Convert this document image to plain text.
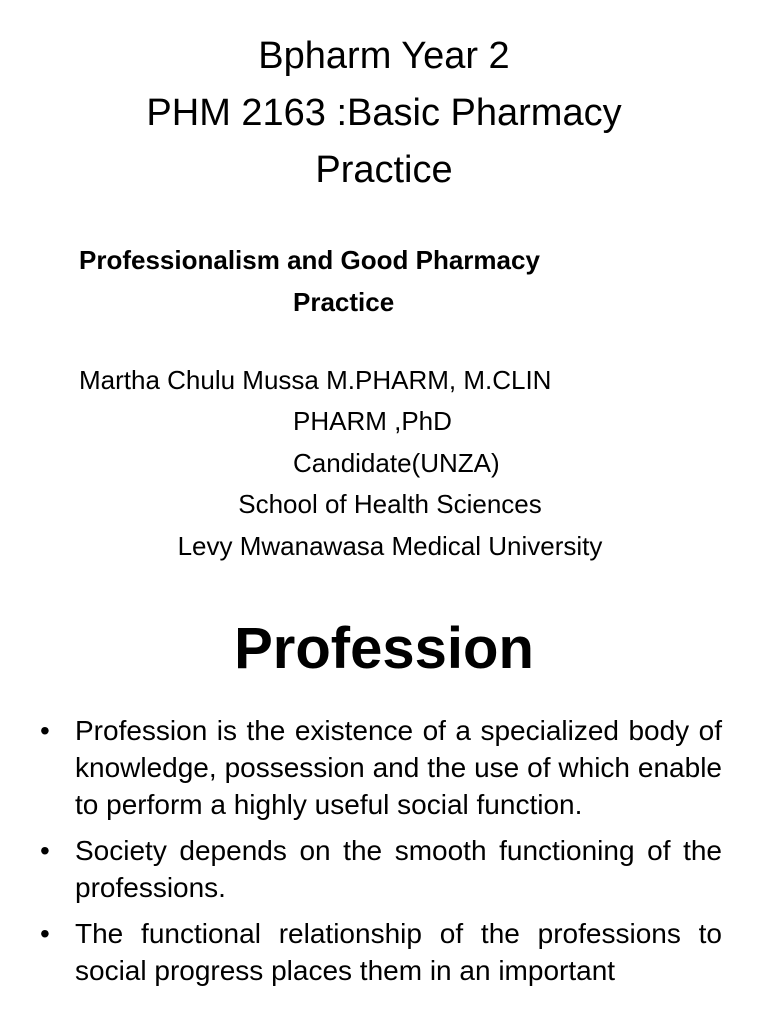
Bpharm Year 2
PHM 2163 :Basic Pharmacy
Practice
Professionalism and Good Pharmacy
Practice
Martha Chulu Mussa M.PHARM, M.CLIN
PHARM ,PhD
Candidate(UNZA)
School of Health Sciences
Levy Mwanawasa Medical University
Profession
• Profession is the existence of a specialized body of knowledge, possession and the use of which enable to perform a highly useful social function.
• Society depends on the smooth functioning of the professions.
• The functional relationship of the professions to social progress places them in an important
